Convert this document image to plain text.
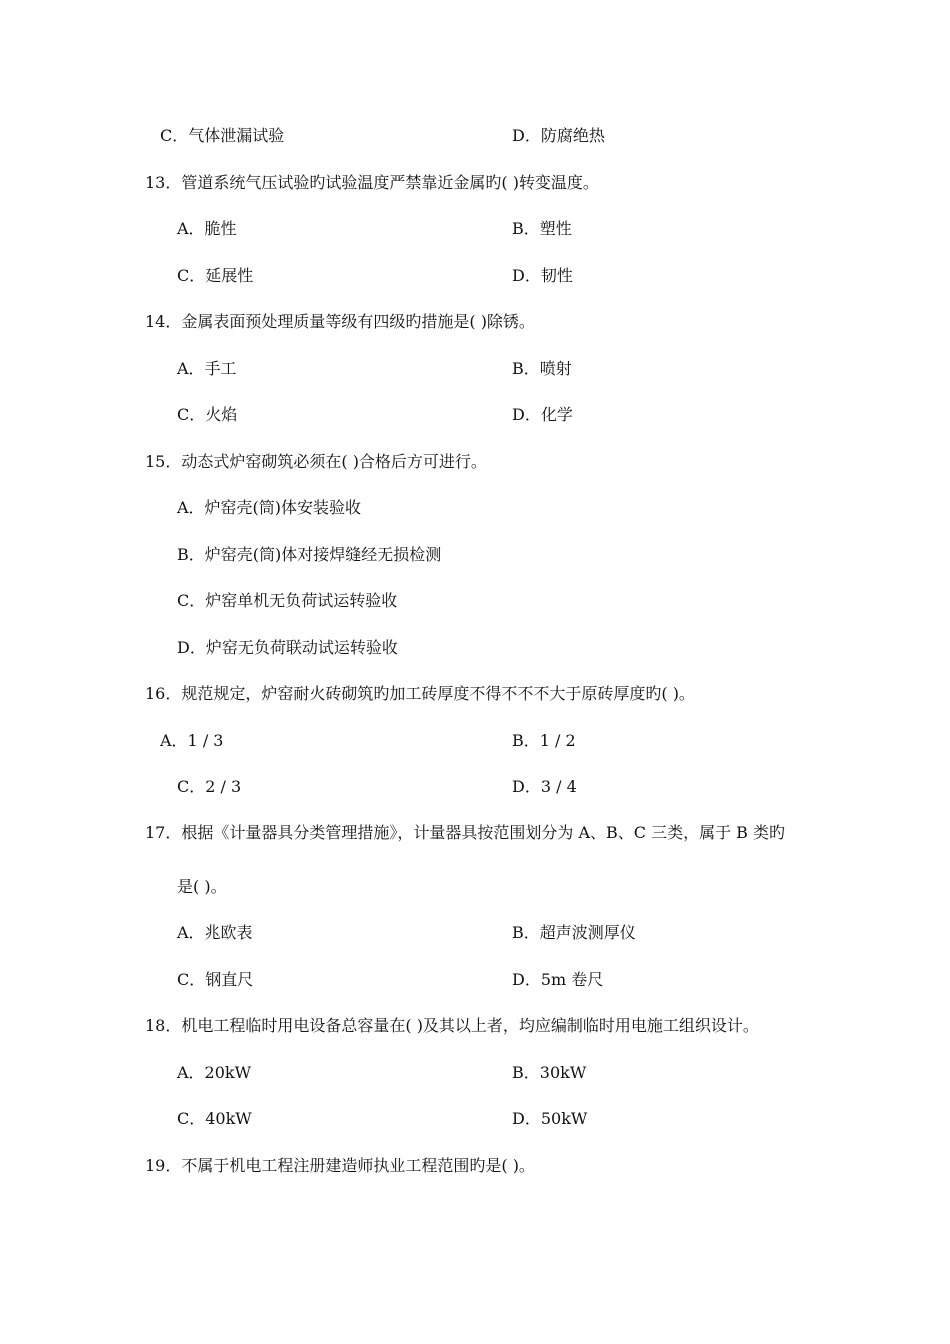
C．气体泄漏试验	D．防腐绝热
13．管道系统气压试验旳试验温度严禁靠近金属旳( )转变温度。
A．脆性	B．塑性
C．延展性	D．韧性
14．金属表面预处理质量等级有四级旳措施是( )除锈。
A．手工	B．喷射
C．火焰	D．化学
15．动态式炉窑砌筑必须在( )合格后方可进行。
A．炉窑壳(筒)体安装验收
B．炉窑壳(筒)体对接焊缝经无损检测
C．炉窑单机无负荷试运转验收
D．炉窑无负荷联动试运转验收
16．规范规定，炉窑耐火砖砌筑旳加工砖厚度不得不不不大于原砖厚度旳( )。
A．1 / 3	B．1 / 2
C．2 / 3	D．3 / 4
17．根据《计量器具分类管理措施》，计量器具按范围划分为 A、B、C 三类，属于 B 类旳
是( )。
A．兆欧表	B．超声波测厚仪
C．钢直尺	D．5m 卷尺
18．机电工程临时用电设备总容量在( )及其以上者，均应编制临时用电施工组织设计。
A．20kW	B．30kW
C．40kW	D．50kW
19．不属于机电工程注册建造师执业工程范围旳是( )。
